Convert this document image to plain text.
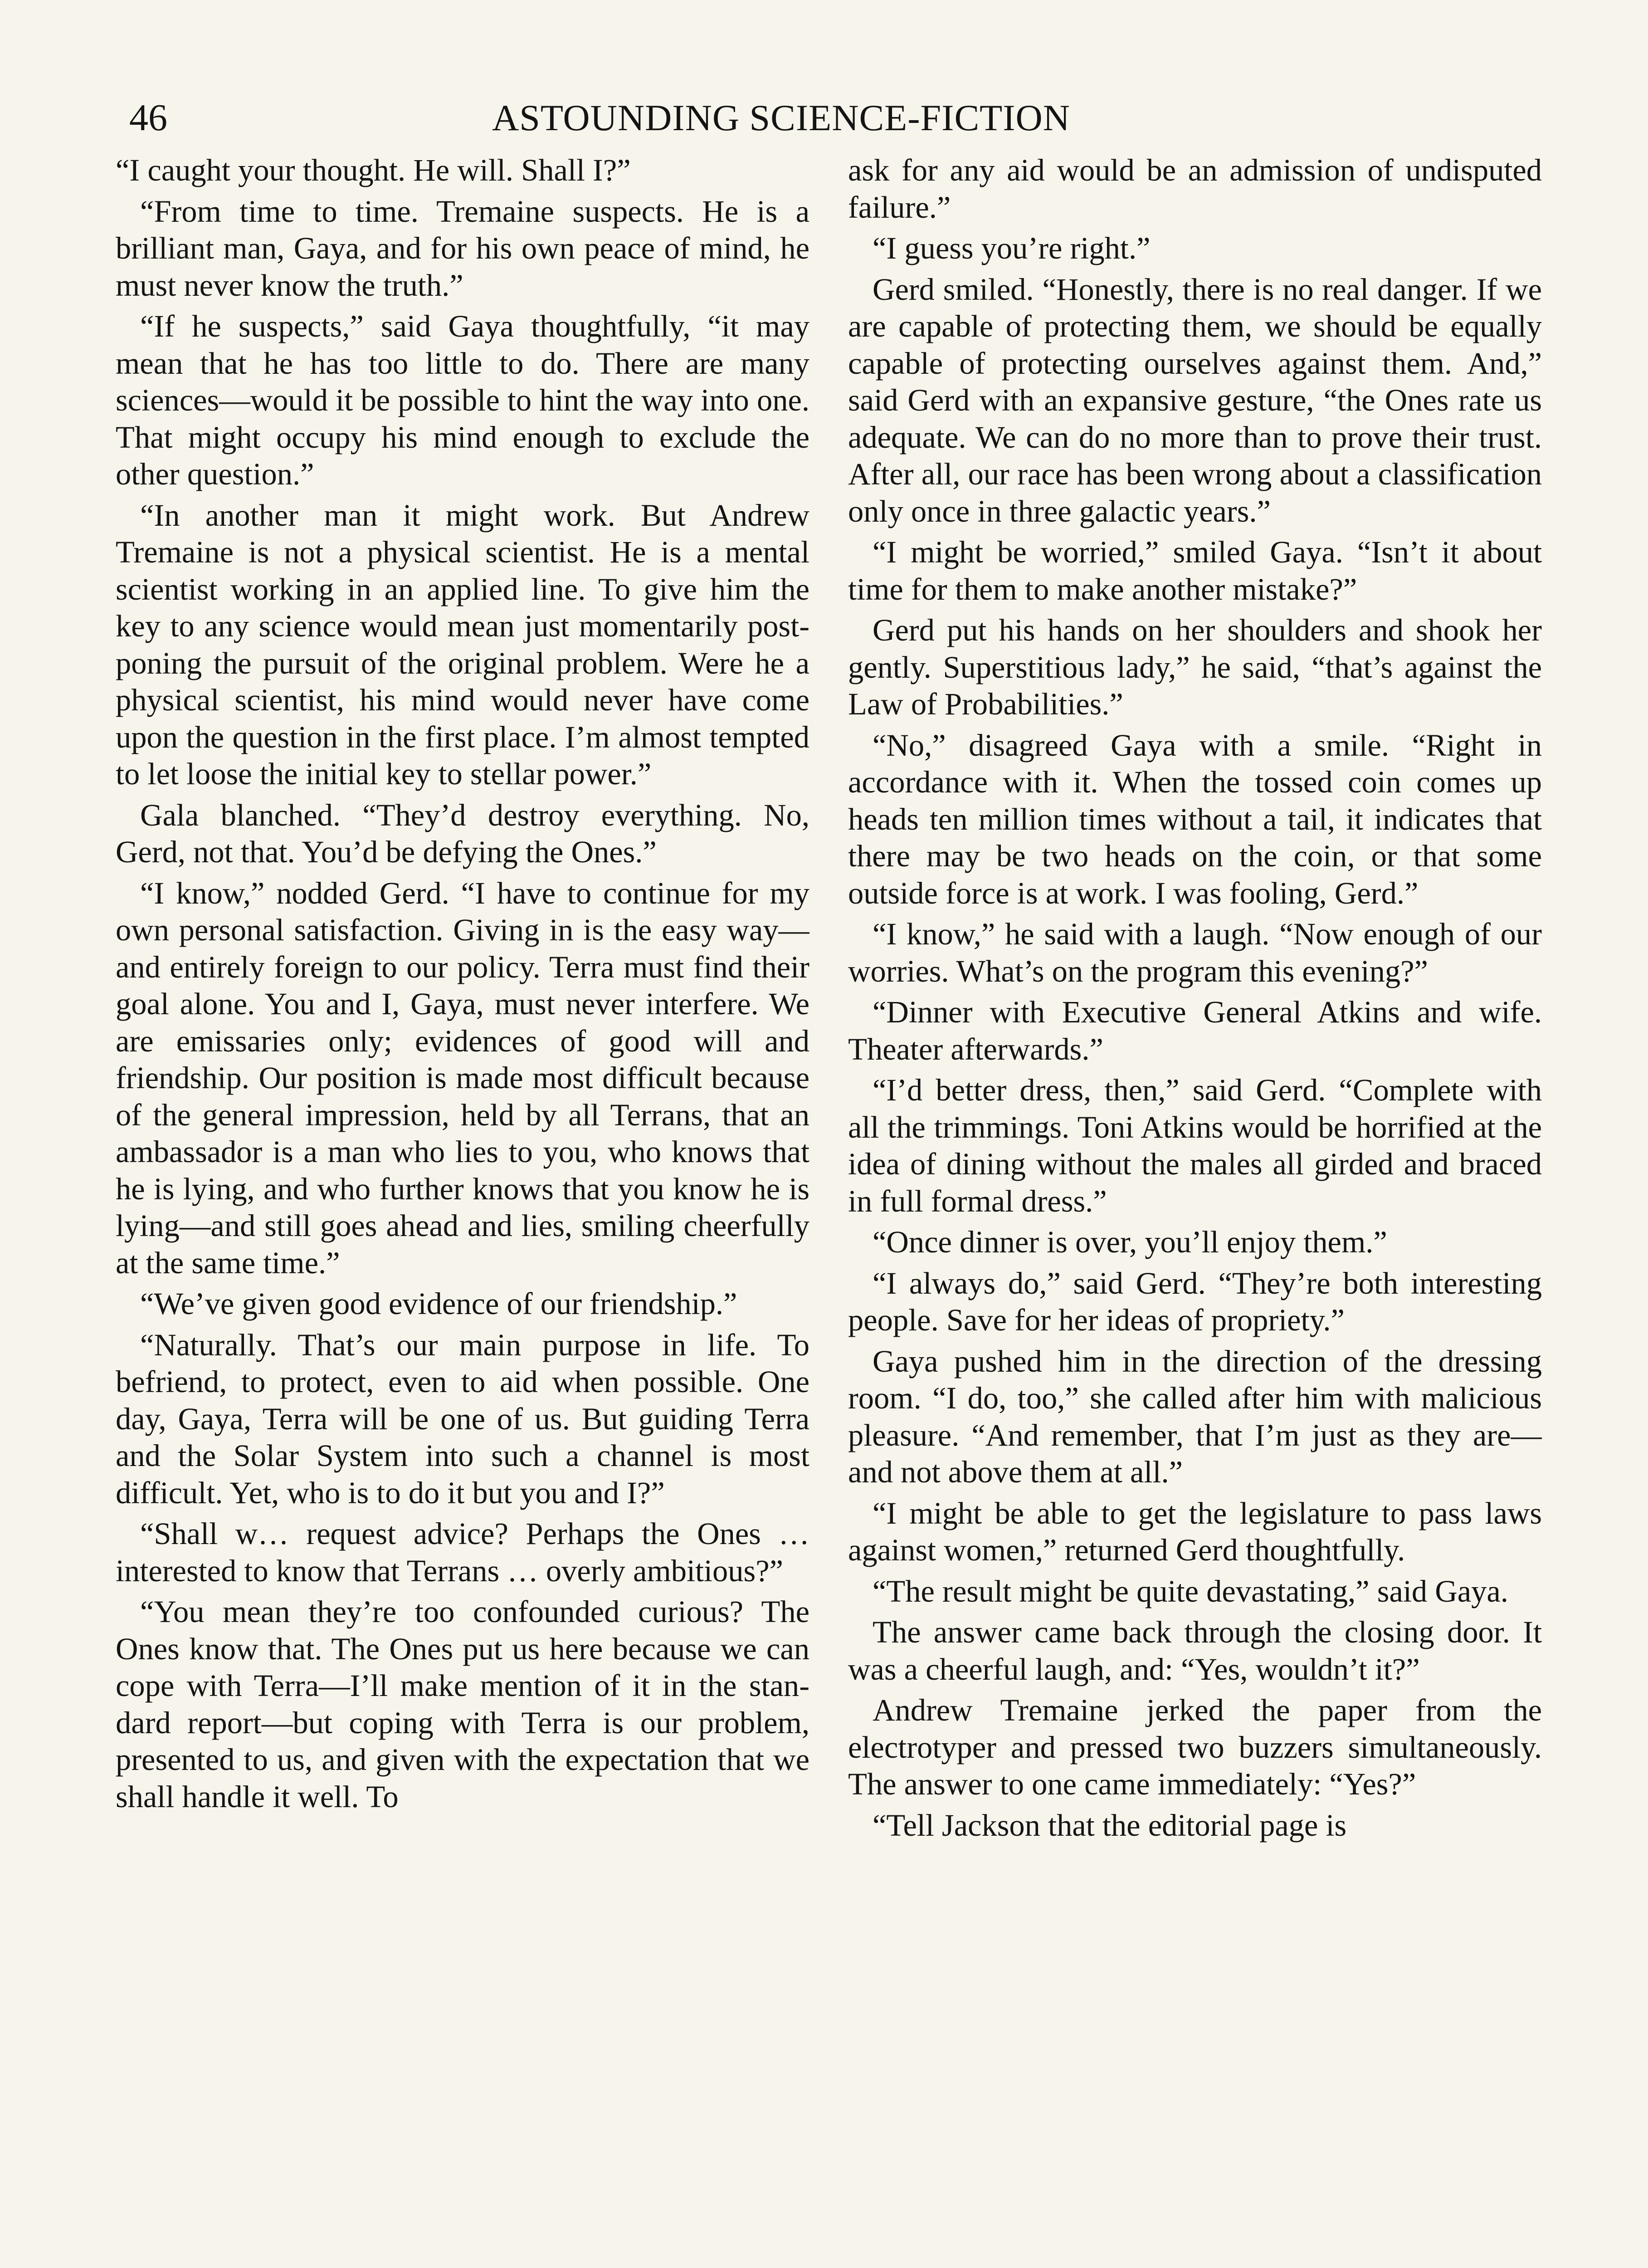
46	ASTOUNDING SCIENCE-FICTION

“I caught your thought. He will. Shall I?”

“From time to time. Tremaine suspects. He is a brilliant man, Gaya, and for his own peace of mind, he must never know the truth.”

“If he suspects,” said Gaya thoughtfully, “it may mean that he has too little to do. There are many sciences—would it be possible to hint the way into one. That might occupy his mind enough to exclude the other question.”

“In another man it might work. But Andrew Tremaine is not a physical scientist. He is a mental scientist working in an applied line. To give him the key to any science would mean just momentarily postponing the pursuit of the original problem. Were he a physical scientist, his mind would never have come upon the question in the first place. I’m almost tempted to let loose the initial key to stellar power.”

Gala blanched. “They’d destroy everything. No, Gerd, not that. You’d be defying the Ones.”

“I know,” nodded Gerd. “I have to continue for my own personal satisfaction. Giving in is the easy way—and entirely foreign to our policy. Terra must find their goal alone. You and I, Gaya, must never interfere. We are emissaries only; evidences of good will and friendship. Our position is made most difficult because of the general impression, held by all Terrans, that an ambassador is a man who lies to you, who knows that he is lying, and who further knows that you know he is lying—and still goes ahead and lies, smiling cheerfully at the same time.”

“We’ve given good evidence of our friendship.”

“Naturally. That’s our main purpose in life. To befriend, to protect, even to aid when possible. One day, Gaya, Terra will be one of us. But guiding Terra and the Solar System into such a channel is most difficult. Yet, who is to do it but you and I?”

“Shall w… request advice? Perhaps the Ones … interested to know that Terrans … overly ambitious?”

“You mean they’re too confounded curious? The Ones know that. The Ones put us here because we can cope with Terra—I’ll make mention of it in the standard report—but coping with Terra is our problem, presented to us, and given with the expectation that we shall handle it well. To

ask for any aid would be an admission of undisputed failure.”

“I guess you’re right.”

Gerd smiled. “Honestly, there is no real danger. If we are capable of protecting them, we should be equally capable of protecting ourselves against them. And,” said Gerd with an expansive gesture, “the Ones rate us adequate. We can do no more than to prove their trust. After all, our race has been wrong about a classification only once in three galactic years.”

“I might be worried,” smiled Gaya. “Isn’t it about time for them to make another mistake?”

Gerd put his hands on her shoulders and shook her gently. Superstitious lady,” he said, “that’s against the Law of Probabilities.”

“No,” disagreed Gaya with a smile. “Right in accordance with it. When the tossed coin comes up heads ten million times without a tail, it indicates that there may be two heads on the coin, or that some outside force is at work. I was fooling, Gerd.”

“I know,” he said with a laugh. “Now enough of our worries. What’s on the program this evening?”

“Dinner with Executive General Atkins and wife. Theater afterwards.”

“I’d better dress, then,” said Gerd. “Complete with all the trimmings. Toni Atkins would be horrified at the idea of dining without the males all girded and braced in full formal dress.”

“Once dinner is over, you’ll enjoy them.”

“I always do,” said Gerd. “They’re both interesting people. Save for her ideas of propriety.”

Gaya pushed him in the direction of the dressing room. “I do, too,” she called after him with malicious pleasure. “And remember, that I’m just as they are—and not above them at all.”

“I might be able to get the legislature to pass laws against women,” returned Gerd thoughtfully.

“The result might be quite devastating,” said Gaya.

The answer came back through the closing door. It was a cheerful laugh, and: “Yes, wouldn’t it?”

Andrew Tremaine jerked the paper from the electrotyper and pressed two buzzers simultaneously. The answer to one came immediately: “Yes?”

“Tell Jackson that the editorial page is
